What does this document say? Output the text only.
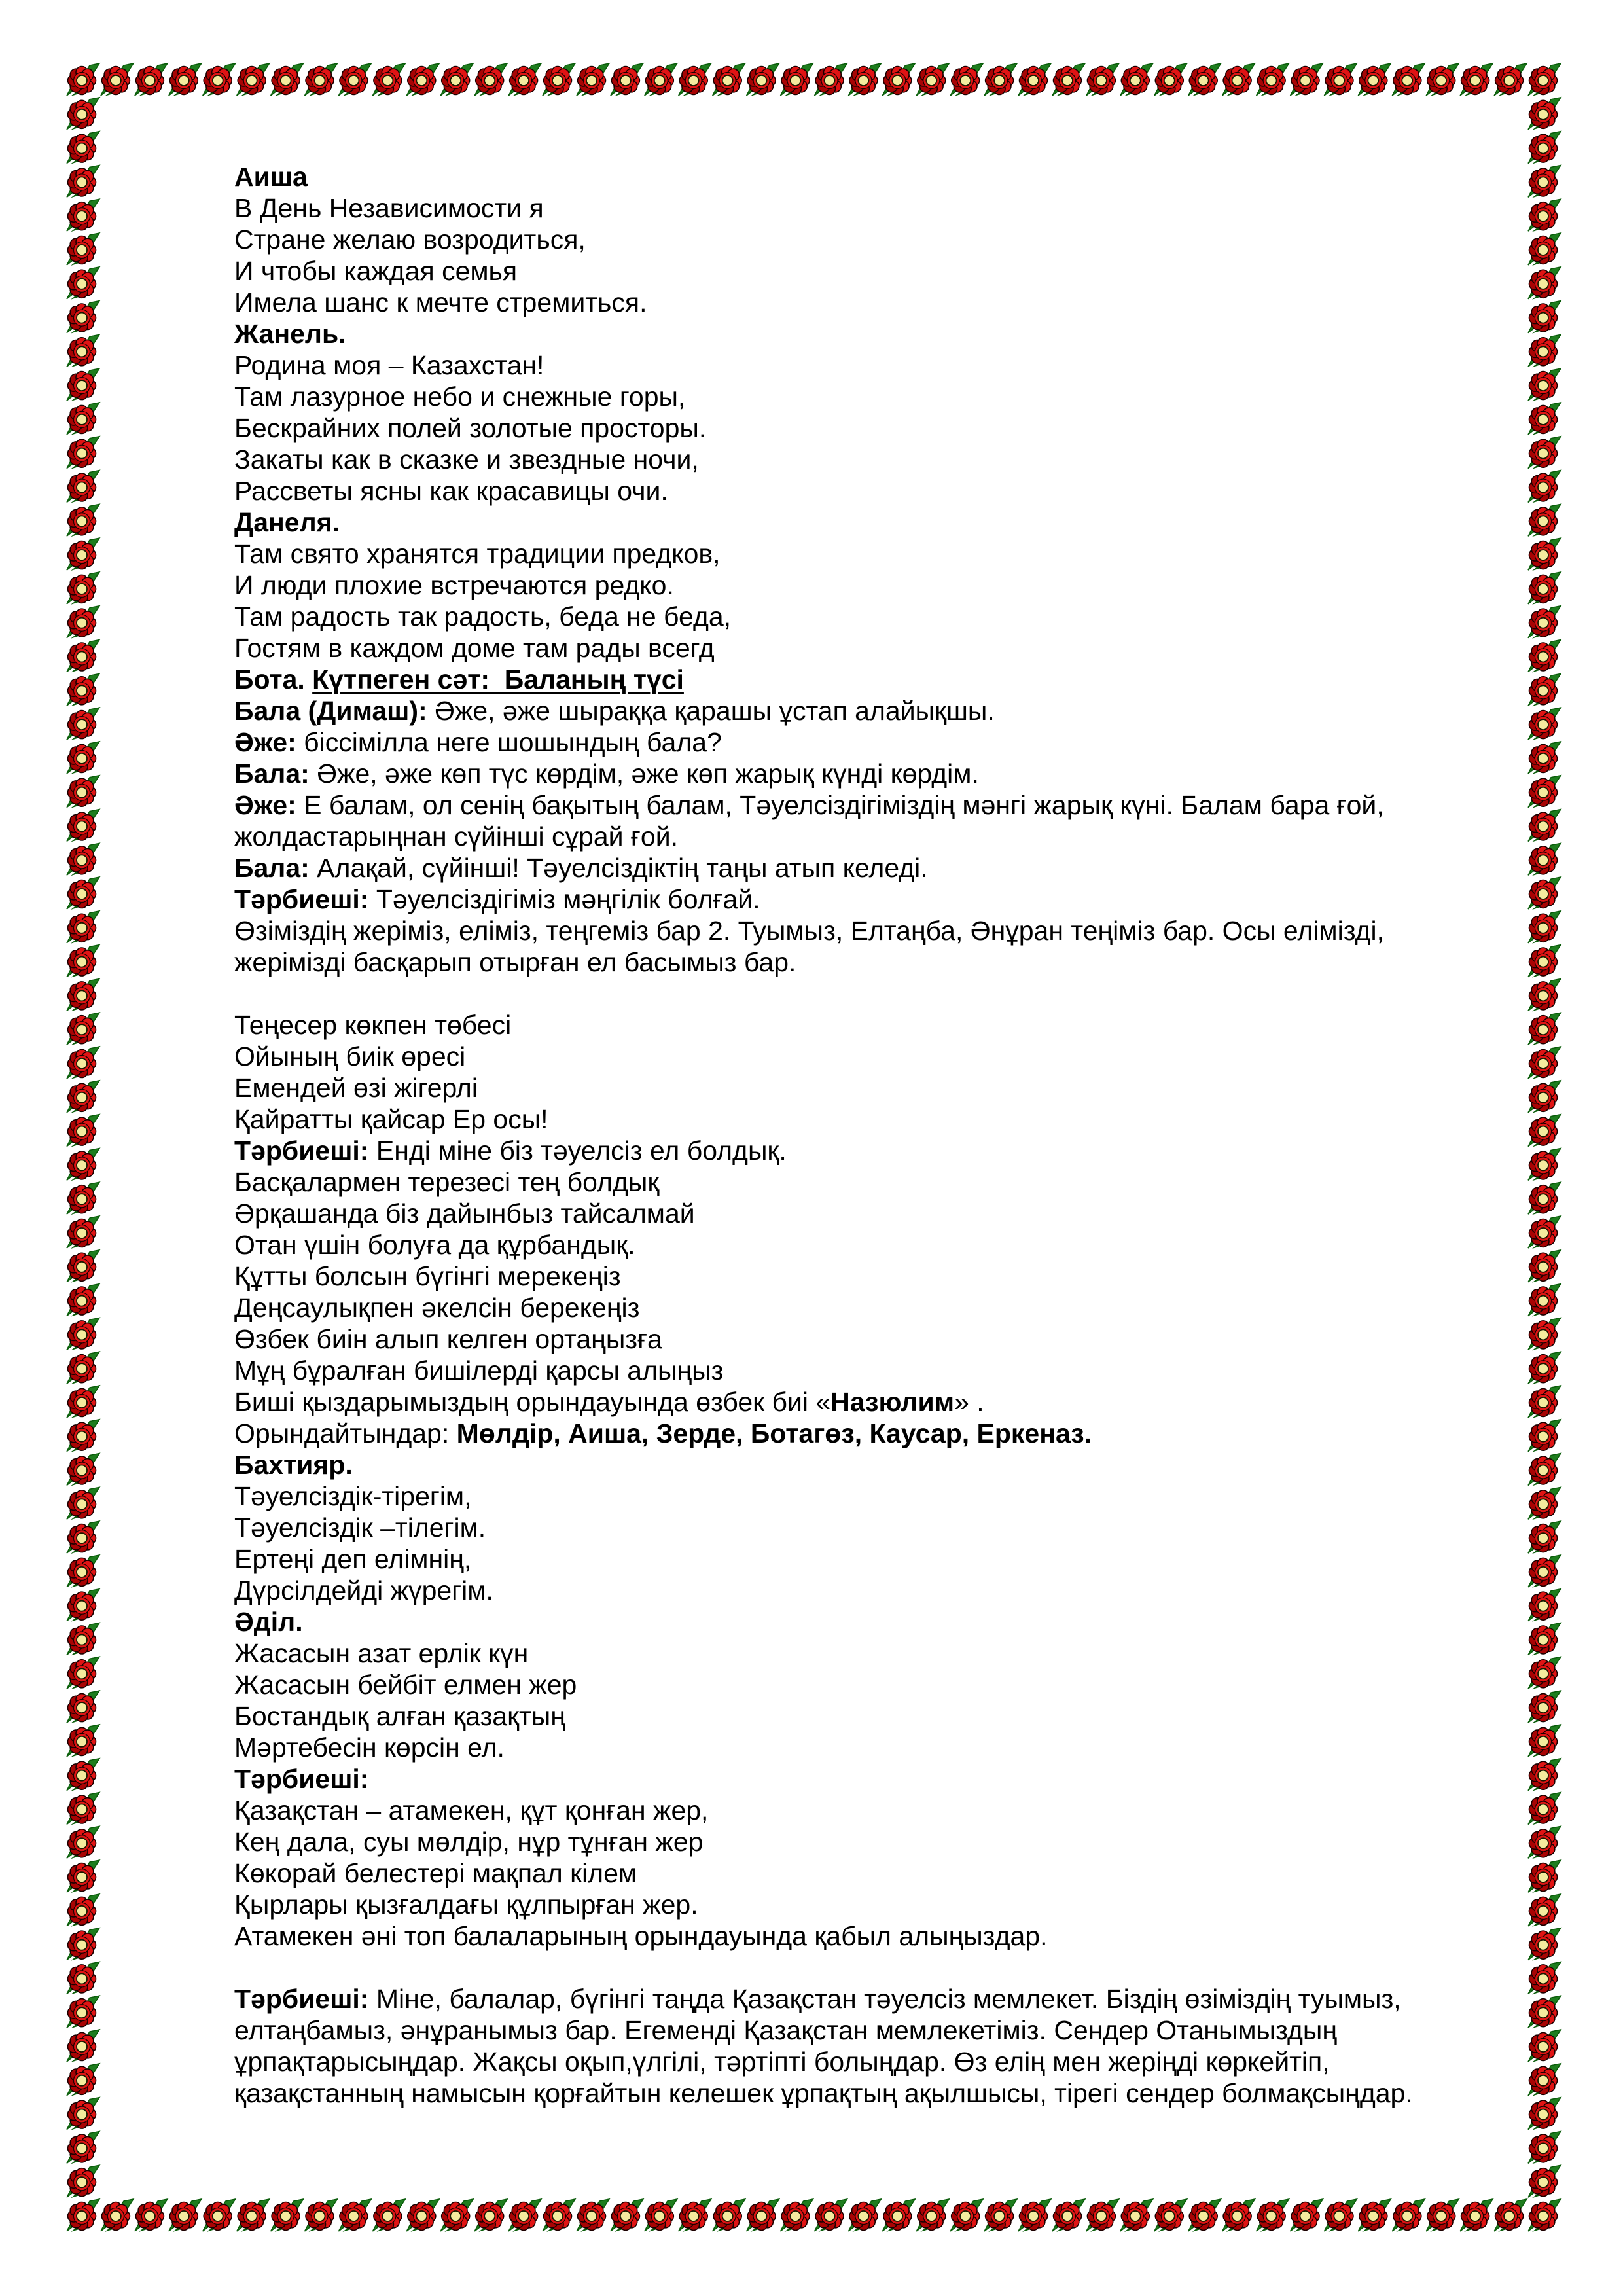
Аиша
В День Независимости я
Стране желаю возродиться,
И чтобы каждая семья
Имела шанс к мечте стремиться.
Жанель.
Родина моя – Казахстан!
Там лазурное небо и снежные горы,
Бескрайних полей золотые просторы.
Закаты как в сказке и звездные ночи,
Рассветы ясны как красавицы очи.
Данеля.
Там свято хранятся традиции предков,
И люди плохие встречаются редко.
Там радость так радость, беда не беда,
Гостям в каждом доме там рады всегд
Бота. Күтпеген сәт:  Баланың түсі
Бала (Димаш): Әже, әже шыраққа қарашы ұстап алайықшы.
Әже: біссімілла неге шошындың бала?
Бала: Әже, әже көп түс көрдім, әже көп жарық күнді көрдім.
Әже: Е балам, ол сенің бақытың балам, Тәуелсіздігіміздің мәнгі жарық күні. Балам бара ғой,
жолдастарыңнан сүйінші сұрай ғой.
Бала: Алақай, сүйінші! Тәуелсіздіктің таңы атып келеді.
Тәрбиеші: Тәуелсіздігіміз мәңгілік болғай.
Өзіміздің жеріміз, еліміз, теңгеміз бар 2. Туымыз, Елтаңба, Әнұран теңіміз бар. Осы елімізді,
жерімізді басқарып отырған ел басымыз бар.
Теңесер көкпен төбесі
Ойының биік өресі
Емендей өзі жігерлі
Қайратты қайсар Ер осы!
Тәрбиеші: Енді міне біз тәуелсіз ел болдық.
Басқалармен терезесі тең болдық
Әрқашанда біз дайынбыз тайсалмай
Отан үшін болуға да құрбандық.
Құтты болсын бүгінгі мерекеңіз
Деңсаулықпен әкелсін берекеңіз
Өзбек биін алып келген ортаңызға
Мұң бұралған бишілерді қарсы алыңыз
Биші қыздарымыздың орындауында өзбек биі «Назюлим» .
Орындайтындар: Мөлдір, Аиша, Зерде, Ботагөз, Каусар, Еркеназ.
Бахтияр.
Тәуелсіздік-тірегім,
Тәуелсіздік –тілегім.
Ертеңі деп елімнің,
Дүрсілдейді жүрегім.
Әділ.
Жасасын азат ерлік күн
Жасасын бейбіт елмен жер
Бостандық алған қазақтың
Мәртебесін көрсін ел.
Тәрбиеші:
Қазақстан – атамекен, құт қонған жер,
Кең дала, суы мөлдір, нұр тұнған жер
Көкорай белестері мақпал кілем
Қырлары қызғалдағы құлпырған жер.
Атамекен әні топ балаларының орындауында қабыл алыңыздар.
Тәрбиеші: Міне, балалар, бүгінгі таңда Қазақстан тәуелсіз мемлекет. Біздің өзіміздің туымыз,
елтаңбамыз, әнұранымыз бар. Егеменді Қазақстан мемлекетіміз. Сендер Отанымыздың
ұрпақтарысыңдар. Жақсы оқып,үлгілі, тәртіпті болыңдар. Өз елің мен жеріңді көркейтіп,
қазақстанның намысын қорғайтын келешек ұрпақтың ақылшысы, тірегі сендер болмақсыңдар.
